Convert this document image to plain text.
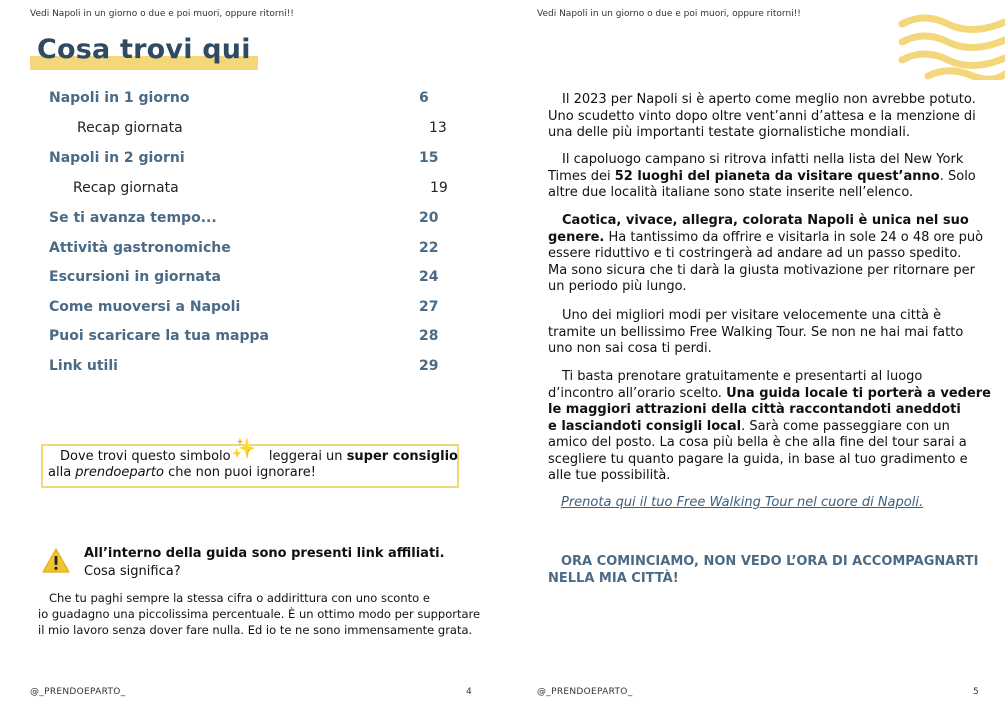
Vedi Napoli in un giorno o due e poi muori, oppure ritorni!!
Cosa trovi qui
Napoli in 1 giorno	6
Recap giornata	13
Napoli in 2 giorni	15
Recap giornata	19
Se ti avanza tempo...	20
Attività gastronomiche	22
Escursioni in giornata	24
Come muoversi a Napoli	27
Puoi scaricare la tua mappa	28
Link utili	29
Dove trovi questo simbolo	leggerai un super consiglio
✨
alla prendoeparto che non puoi ignorare!
All’interno della guida sono presenti link affiliati.
Cosa significa?
Che tu paghi sempre la stessa cifra o addirittura con uno sconto e
io guadagno una piccolissima percentuale. È un ottimo modo per supportare
il mio lavoro senza dover fare nulla. Ed io te ne sono immensamente grata.
@_PRENDOEPARTO_	4
Vedi Napoli in un giorno o due e poi muori, oppure ritorni!!
Il 2023 per Napoli si è aperto come meglio non avrebbe potuto.
Uno scudetto vinto dopo oltre vent’anni d’attesa e la menzione di
una delle più importanti testate giornalistiche mondiali.
Il capoluogo campano si ritrova infatti nella lista del New York
Times dei 52 luoghi del pianeta da visitare quest’anno. Solo
altre due località italiane sono state inserite nell’elenco.
Caotica, vivace, allegra, colorata Napoli è unica nel suo
genere. Ha tantissimo da offrire e visitarla in sole 24 o 48 ore può
essere riduttivo e ti costringerà ad andare ad un passo spedito.
Ma sono sicura che ti darà la giusta motivazione per ritornare per
un periodo più lungo.
Uno dei migliori modi per visitare velocemente una città è
tramite un bellissimo Free Walking Tour. Se non ne hai mai fatto
uno non sai cosa ti perdi.
Ti basta prenotare gratuitamente e presentarti al luogo
d’incontro all’orario scelto. Una guida locale ti porterà a vedere
le maggiori attrazioni della città raccontandoti aneddoti
e lasciandoti consigli local. Sarà come passeggiare con un
amico del posto. La cosa più bella è che alla fine del tour sarai a
scegliere tu quanto pagare la guida, in base al tuo gradimento e
alle tue possibilità.
Prenota qui il tuo Free Walking Tour nel cuore di Napoli.
ORA COMINCIAMO, NON VEDO L’ORA DI ACCOMPAGNARTI
NELLA MIA CITTÀ!
@_PRENDOEPARTO_	5
